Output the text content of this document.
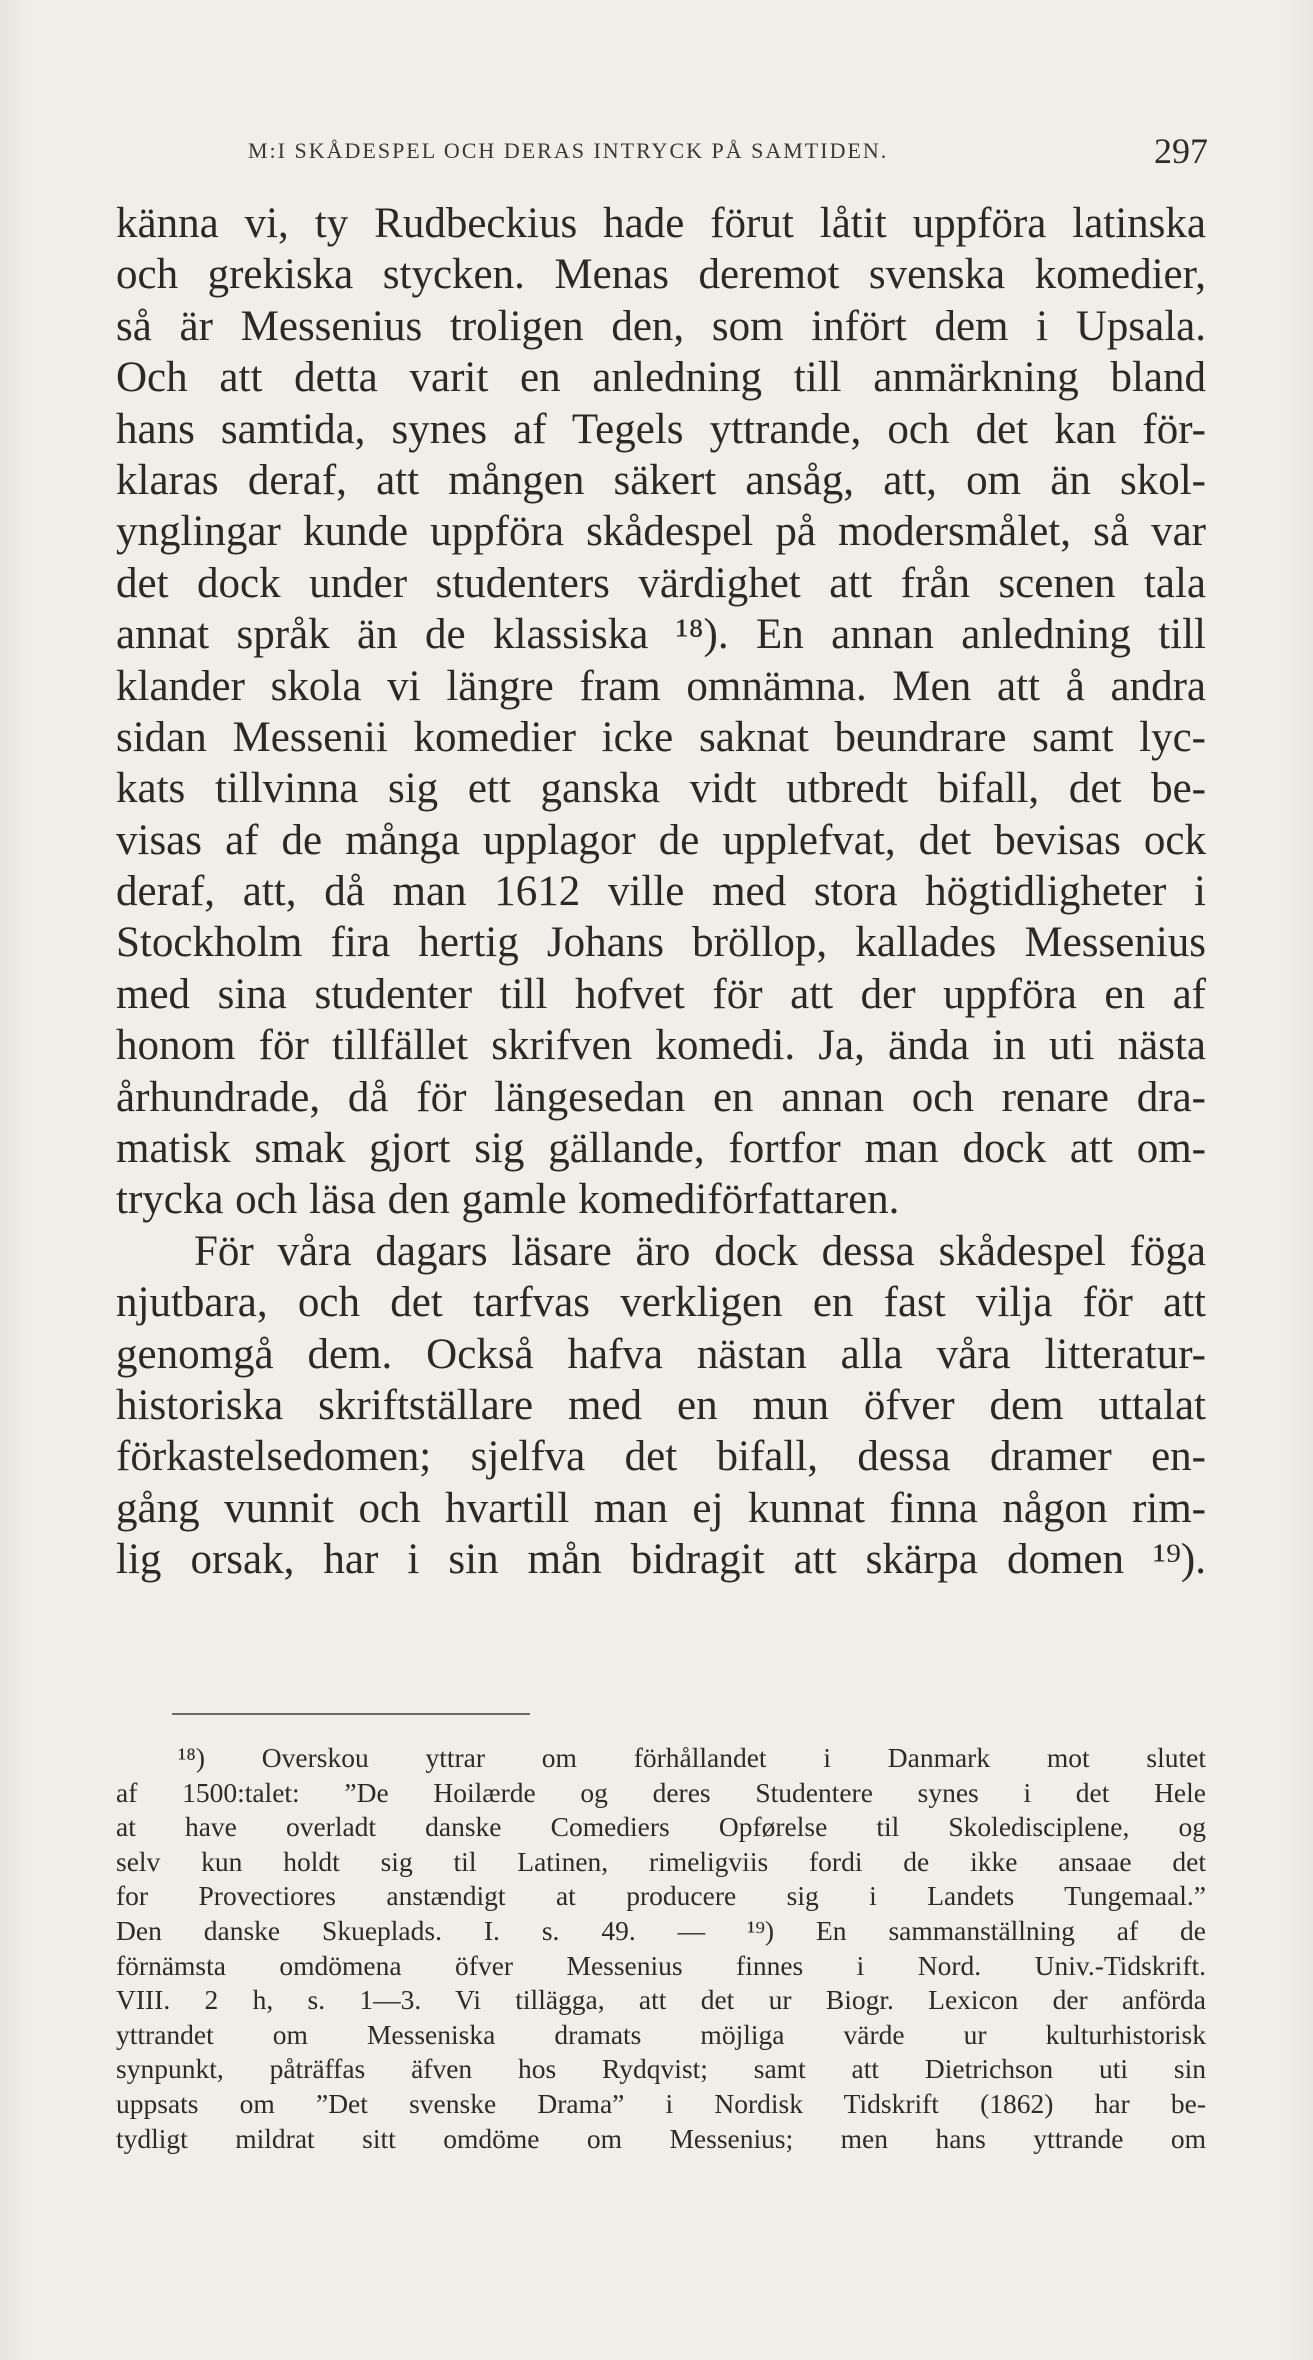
M:I SKÅDESPEL OCH DERAS INTRYCK PÅ SAMTIDEN.	297
känna vi, ty Rudbeckius hade förut låtit uppföra latinska
och grekiska stycken. Menas deremot svenska komedier,
så är Messenius troligen den, som infört dem i Upsala.
Och att detta varit en anledning till anmärkning bland
hans samtida, synes af Tegels yttrande, och det kan för-
klaras deraf, att mången säkert ansåg, att, om än skol-
ynglingar kunde uppföra skådespel på modersmålet, så var
det dock under studenters värdighet att från scenen tala
annat språk än de klassiska ¹⁸). En annan anledning till
klander skola vi längre fram omnämna. Men att å andra
sidan Messenii komedier icke saknat beundrare samt lyc-
kats tillvinna sig ett ganska vidt utbredt bifall, det be-
visas af de många upplagor de upplefvat, det bevisas ock
deraf, att, då man 1612 ville med stora högtidligheter i
Stockholm fira hertig Johans bröllop, kallades Messenius
med sina studenter till hofvet för att der uppföra en af
honom för tillfället skrifven komedi. Ja, ända in uti nästa
århundrade, då för längesedan en annan och renare dra-
matisk smak gjort sig gällande, fortfor man dock att om-
trycka och läsa den gamle komediförfattaren.
För våra dagars läsare äro dock dessa skådespel föga
njutbara, och det tarfvas verkligen en fast vilja för att
genomgå dem. Också hafva nästan alla våra litteratur-
historiska skriftställare med en mun öfver dem uttalat
förkastelsedomen; sjelfva det bifall, dessa dramer en-
gång vunnit och hvartill man ej kunnat finna någon rim-
lig orsak, har i sin mån bidragit att skärpa domen ¹⁹).
¹⁸) Overskou yttrar om förhållandet i Danmark mot slutet
af 1500:talet: ”De Hoilærde og deres Studentere synes i det Hele
at have overladt danske Comediers Opførelse til Skoledisciplene, og
selv kun holdt sig til Latinen, rimeligviis fordi de ikke ansaae det
for Provectiores anstændigt at producere sig i Landets Tungemaal.”
Den danske Skueplads. I. s. 49. — ¹⁹) En sammanställning af de
förnämsta omdömena öfver Messenius finnes i Nord. Univ.-Tidskrift.
VIII. 2 h, s. 1—3. Vi tillägga, att det ur Biogr. Lexicon der anförda
yttrandet om Messeniska dramats möjliga värde ur kulturhistorisk
synpunkt, påträffas äfven hos Rydqvist; samt att Dietrichson uti sin
uppsats om ”Det svenske Drama” i Nordisk Tidskrift (1862) har be-
tydligt mildrat sitt omdöme om Messenius; men hans yttrande om
